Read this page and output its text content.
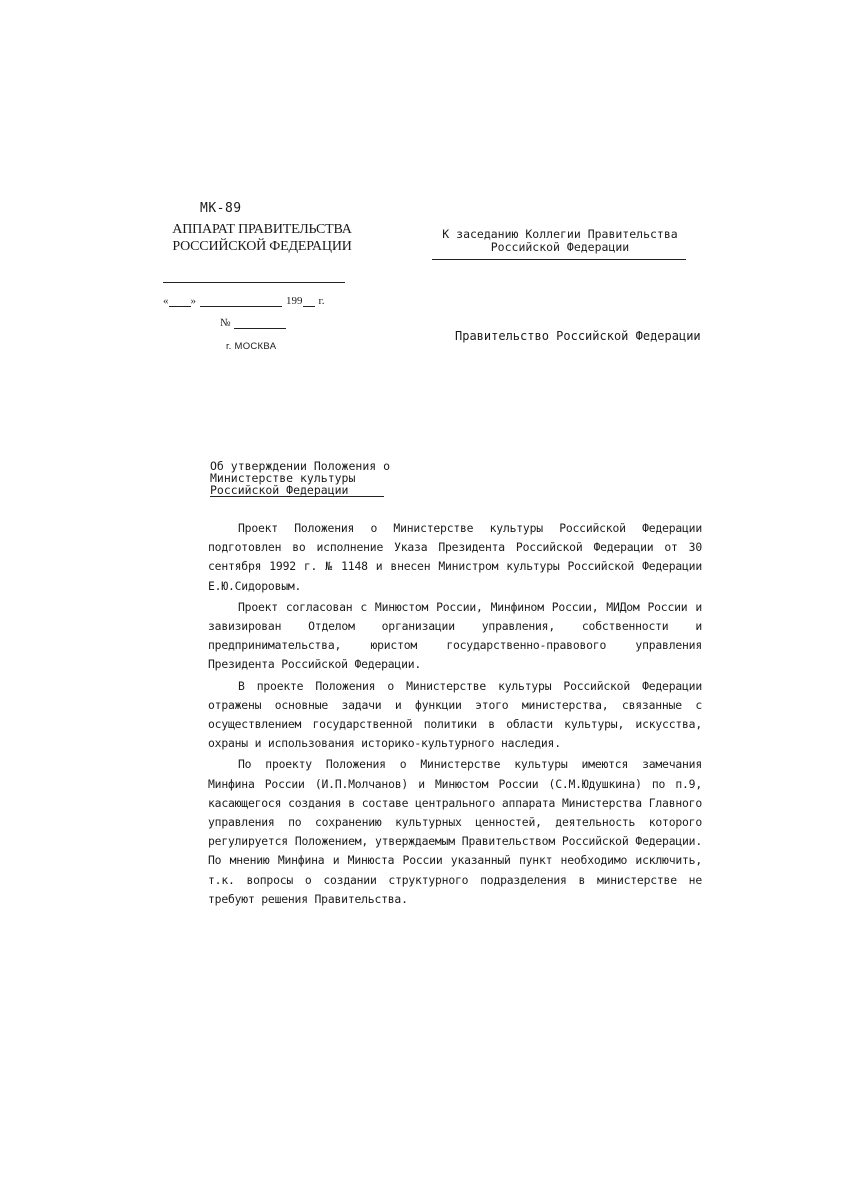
МК-89
АППАРАТ ПРАВИТЕЛЬСТВА
РОССИЙСКОЙ ФЕДЕРАЦИИ
« »	199 г.
№
г. МОСКВА
К заседанию Коллегии Правительства
Российской Федерации
Правительство Российской Федерации
Об утверждении Положения о
Министерстве культуры
Российской Федерации

Проект Положения о Министерстве культуры Российской Федерации подготовлен во исполнение Указа Президента Российской Федерации от 30 сентября 1992 г. № 1148 и внесен Министром культуры Российской Федерации Е.Ю.Сидоровым.

Проект согласован с Минюстом России, Минфином России, МИДом России и завизирован Отделом организации управления, собственности и предпринимательства, юристом государственно-правового управления Президента Российской Федерации.

В проекте Положения о Министерстве культуры Российской Федерации отражены основные задачи и функции этого министерства, связанные с осуществлением государственной политики в области культуры, искусства, охраны и использования историко-культурного наследия.

По проекту Положения о Министерстве культуры имеются замечания Минфина России (И.П.Молчанов) и Минюстом России (С.М.Юдушкина) по п.9, касающегося создания в составе центрального аппарата Министерства Главного управления по сохранению культурных ценностей, деятельность которого регулируется Положением, утверждаемым Правительством Российской Федерации. По мнению Минфина и Минюста России указанный пункт необходимо исключить, т.к. вопросы о создании структурного подразделения в министерстве не требуют решения Правительства.
